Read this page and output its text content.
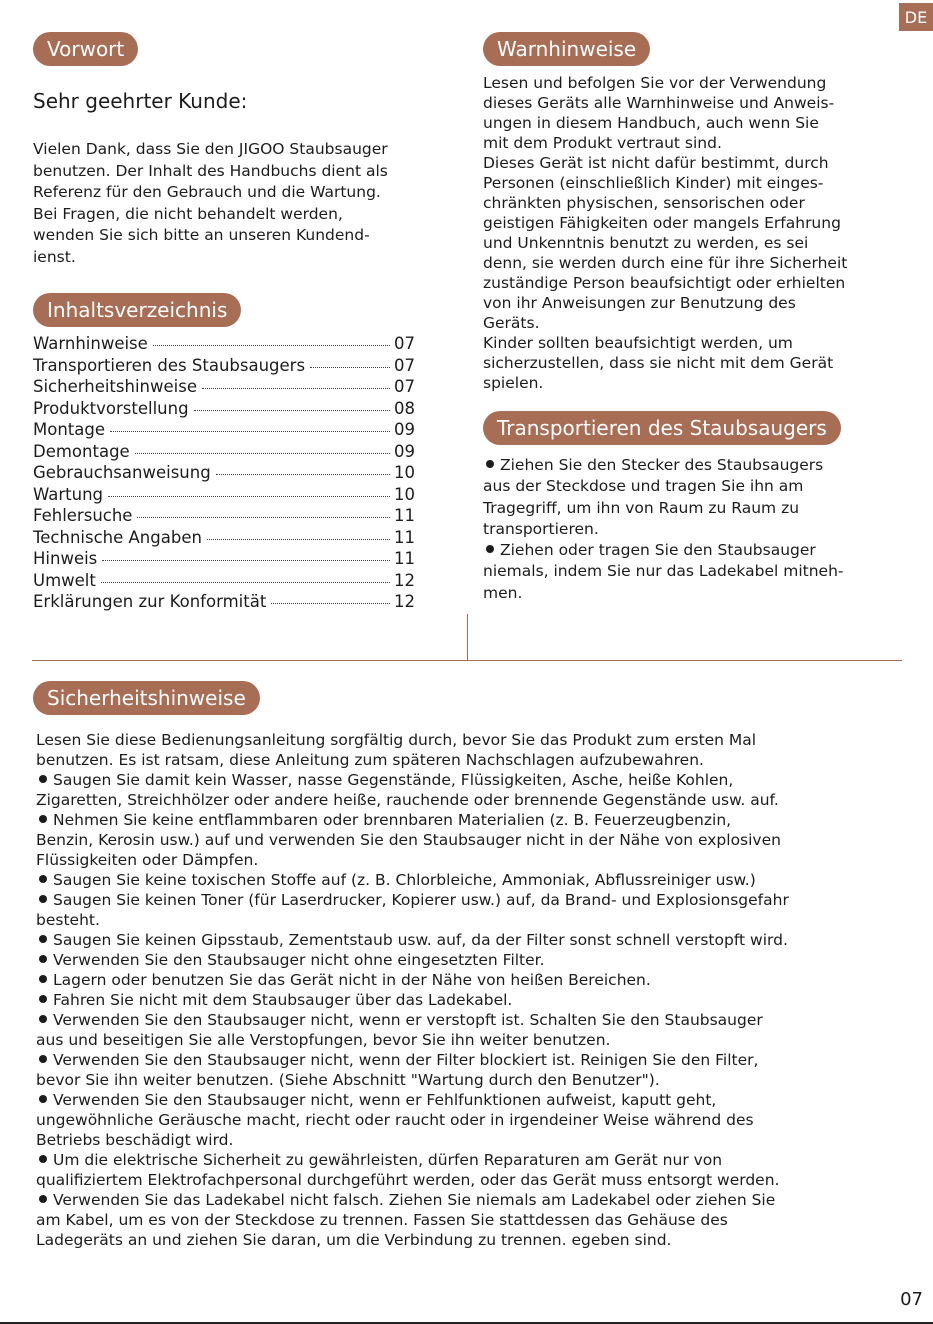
DE
Vorwort
Sehr geehrter Kunde:

Vielen Dank, dass Sie den JIGOO Staubsauger

benutzen. Der Inhalt des Handbuchs dient als

Referenz für den Gebrauch und die Wartung.

Bei Fragen, die nicht behandelt werden,

wenden Sie sich bitte an unseren Kundend-

ienst.

Inhaltsverzeichnis
Warnhinweise	07
Transportieren des Staubsaugers	07
Sicherheitshinweise	07
Produktvorstellung	08
Montage	09
Demontage	09
Gebrauchsanweisung	10
Wartung	10
Fehlersuche	11
Technische Angaben	11
Hinweis	11
Umwelt	12
Erklärungen zur Konformität	12
Warnhinweise

Lesen und befolgen Sie vor der Verwendung

dieses Geräts alle Warnhinweise und Anweis-

ungen in diesem Handbuch, auch wenn Sie

mit dem Produkt vertraut sind.

Dieses Gerät ist nicht dafür bestimmt, durch

Personen (einschließlich Kinder) mit einges-

chränkten physischen, sensorischen oder

geistigen Fähigkeiten oder mangels Erfahrung

und Unkenntnis benutzt zu werden, es sei

denn, sie werden durch eine für ihre Sicherheit

zuständige Person beaufsichtigt oder erhielten

von ihr Anweisungen zur Benutzung des

Geräts.

Kinder sollten beaufsichtigt werden, um

sicherzustellen, dass sie nicht mit dem Gerät

spielen.

Transportieren des Staubsaugers

Ziehen Sie den Stecker des Staubsaugers

aus der Steckdose und tragen Sie ihn am

Tragegriff, um ihn von Raum zu Raum zu

transportieren.

Ziehen oder tragen Sie den Staubsauger

niemals, indem Sie nur das Ladekabel mitneh-

men.

Sicherheitshinweise

Lesen Sie diese Bedienungsanleitung sorgfältig durch, bevor Sie das Produkt zum ersten Mal

benutzen. Es ist ratsam, diese Anleitung zum späteren Nachschlagen aufzubewahren.

Saugen Sie damit kein Wasser, nasse Gegenstände, Flüssigkeiten, Asche, heiße Kohlen,

Zigaretten, Streichhölzer oder andere heiße, rauchende oder brennende Gegenstände usw. auf.

Nehmen Sie keine entflammbaren oder brennbaren Materialien (z. B. Feuerzeugbenzin,

Benzin, Kerosin usw.) auf und verwenden Sie den Staubsauger nicht in der Nähe von explosiven

Flüssigkeiten oder Dämpfen.

Saugen Sie keine toxischen Stoffe auf (z. B. Chlorbleiche, Ammoniak, Abflussreiniger usw.)

Saugen Sie keinen Toner (für Laserdrucker, Kopierer usw.) auf, da Brand- und Explosionsgefahr

besteht.

Saugen Sie keinen Gipsstaub, Zementstaub usw. auf, da der Filter sonst schnell verstopft wird.

Verwenden Sie den Staubsauger nicht ohne eingesetzten Filter.

Lagern oder benutzen Sie das Gerät nicht in der Nähe von heißen Bereichen.

Fahren Sie nicht mit dem Staubsauger über das Ladekabel.

Verwenden Sie den Staubsauger nicht, wenn er verstopft ist. Schalten Sie den Staubsauger

aus und beseitigen Sie alle Verstopfungen, bevor Sie ihn weiter benutzen.

Verwenden Sie den Staubsauger nicht, wenn der Filter blockiert ist. Reinigen Sie den Filter,

bevor Sie ihn weiter benutzen. (Siehe Abschnitt "Wartung durch den Benutzer").

Verwenden Sie den Staubsauger nicht, wenn er Fehlfunktionen aufweist, kaputt geht,

ungewöhnliche Geräusche macht, riecht oder raucht oder in irgendeiner Weise während des

Betriebs beschädigt wird.

Um die elektrische Sicherheit zu gewährleisten, dürfen Reparaturen am Gerät nur von

qualifiziertem Elektrofachpersonal durchgeführt werden, oder das Gerät muss entsorgt werden.

Verwenden Sie das Ladekabel nicht falsch. Ziehen Sie niemals am Ladekabel oder ziehen Sie

am Kabel, um es von der Steckdose zu trennen. Fassen Sie stattdessen das Gehäuse des

Ladegeräts an und ziehen Sie daran, um die Verbindung zu trennen. egeben sind.

07
